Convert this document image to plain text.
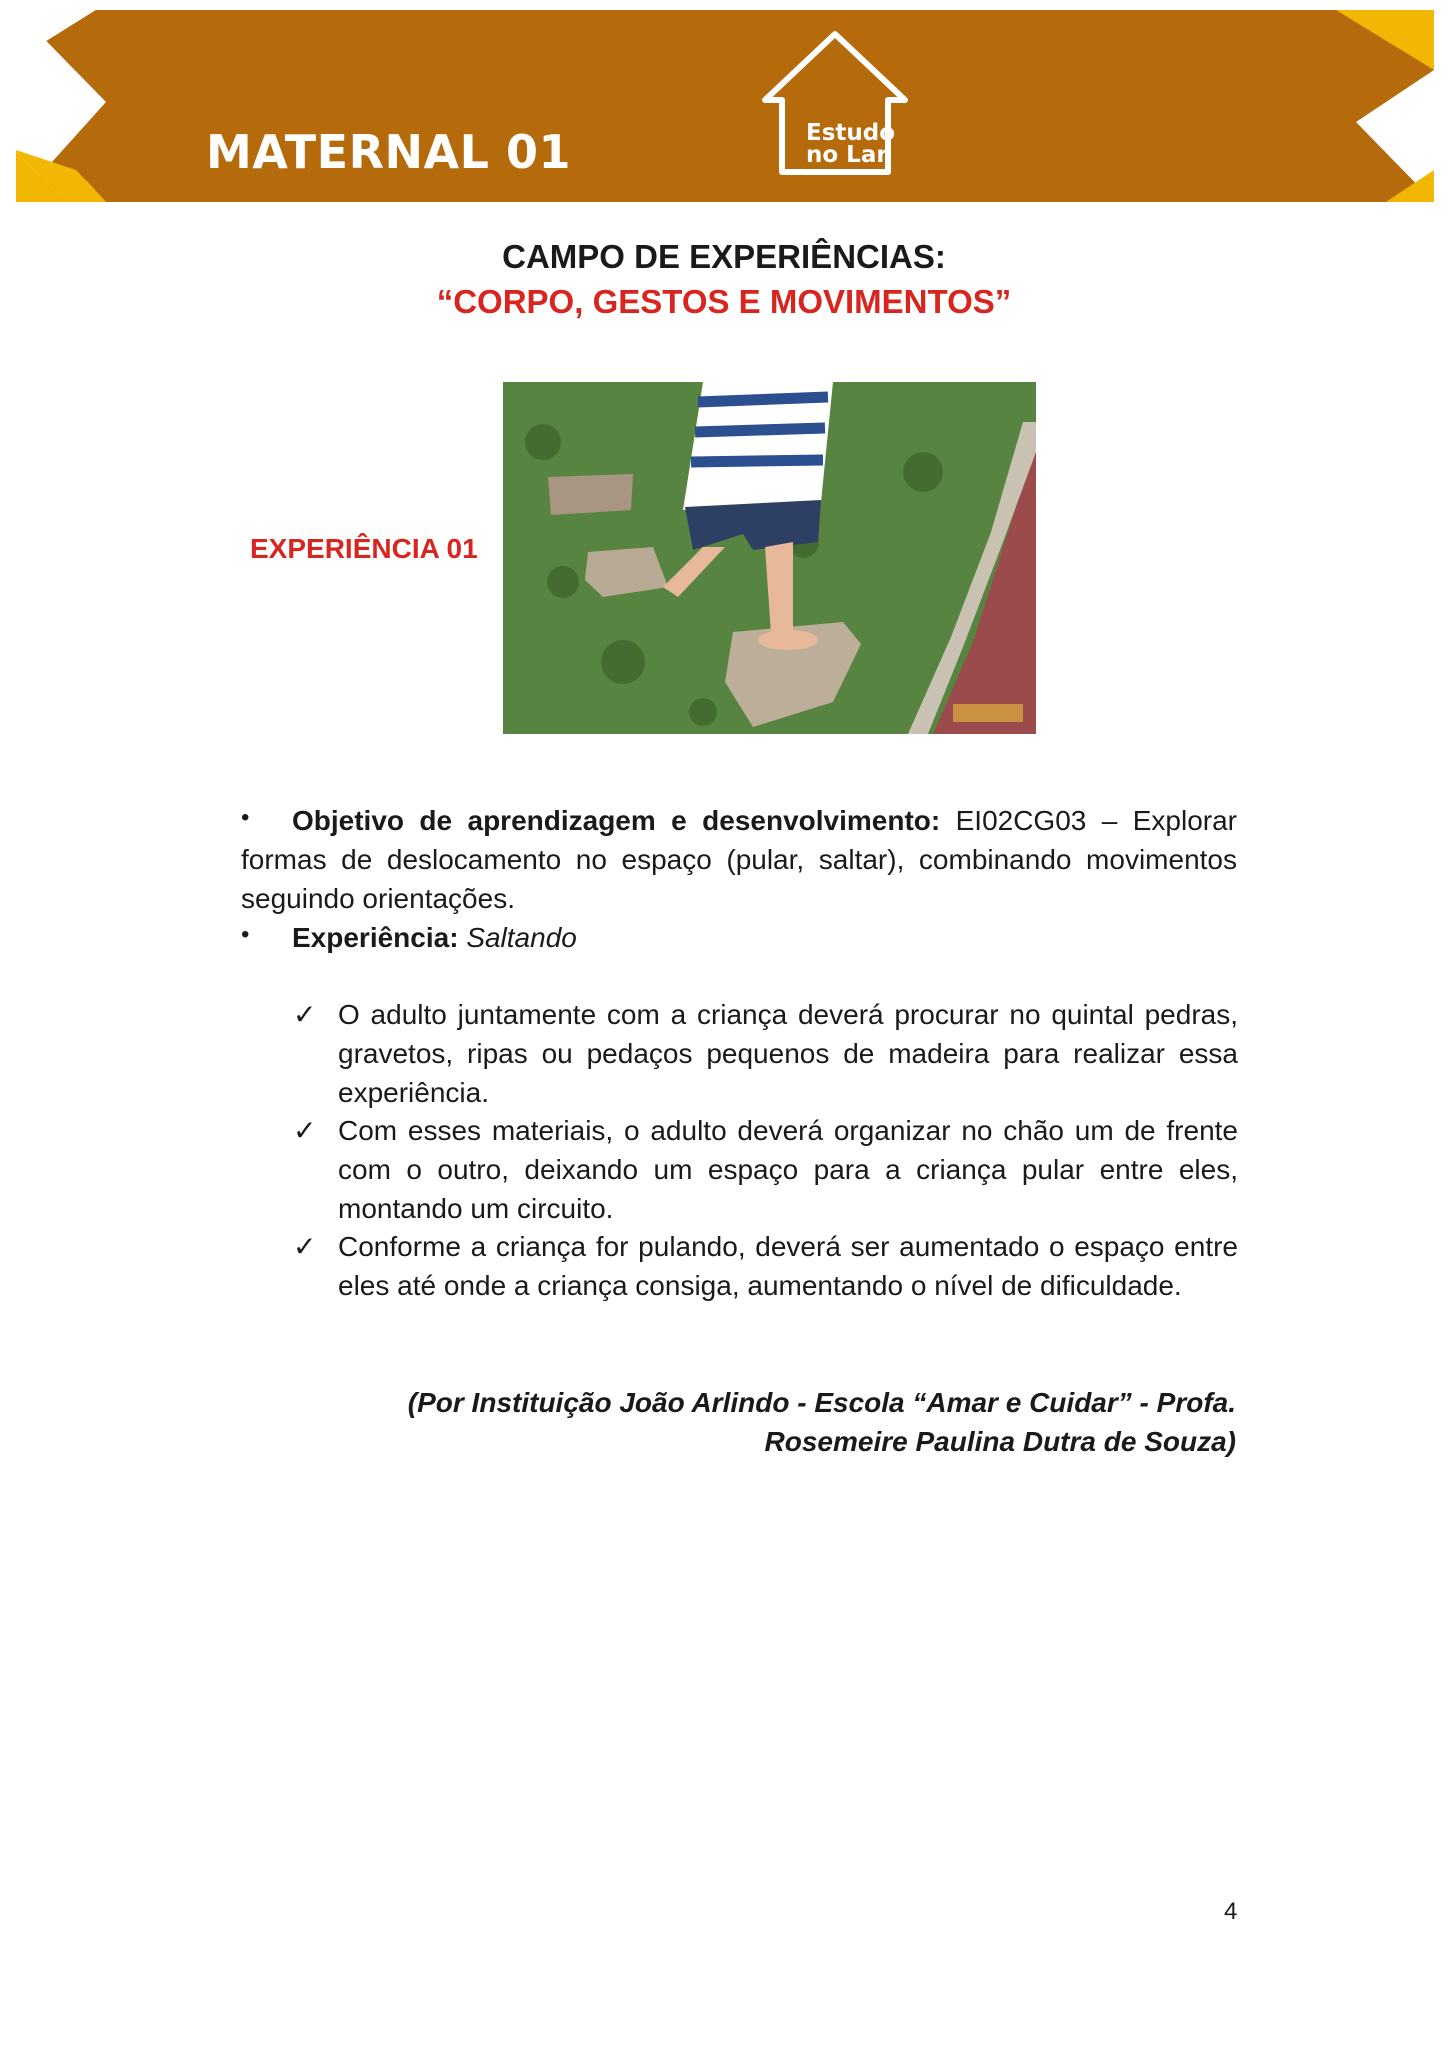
MATERNAL 01	Estudo
no Lar
CAMPO DE EXPERIÊNCIAS:
“CORPO, GESTOS E MOVIMENTOS”
EXPERIÊNCIA 01
•	Objetivo de aprendizagem e desenvolvimento: EI02CG03 – Explorar formas de deslocamento no espaço (pular, saltar), combinando movimentos seguindo orientações.
• Experiência: Saltando
✓ O adulto juntamente com a criança deverá procurar no quintal pedras, gravetos, ripas ou pedaços pequenos de madeira para realizar essa experiência.
✓ Com esses materiais, o adulto deverá organizar no chão um de frente com o outro, deixando um espaço para a criança pular entre eles, montando um circuito.
✓ Conforme a criança for pulando, deverá ser aumentado o espaço entre eles até onde a criança consiga, aumentando o nível de dificuldade.
(Por Instituição João Arlindo - Escola “Amar e Cuidar” - Profa.
Rosemeire Paulina Dutra de Souza)
4
